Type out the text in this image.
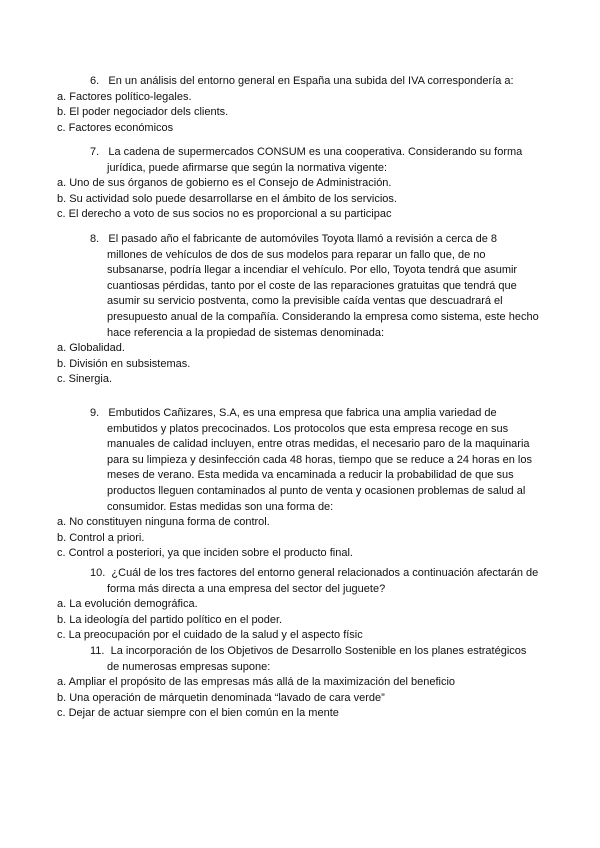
6. En un análisis del entorno general en España una subida del IVA correspondería a:

a. Factores político-legales.
b. El poder negociador dels clients.
c. Factores económicos

7. La cadena de supermercados CONSUM es una cooperativa. Considerando su forma jurídica, puede afirmarse que según la normativa vigente:

a. Uno de sus órganos de gobierno es el Consejo de Administración.
b. Su actividad solo puede desarrollarse en el ámbito de los servicios.
c. El derecho a voto de sus socios no es proporcional a su participac

8. El pasado año el fabricante de automóviles Toyota llamó a revisión a cerca de 8 millones de vehículos de dos de sus modelos para reparar un fallo que, de no subsanarse, podría llegar a incendiar el vehículo. Por ello, Toyota tendrá que asumir cuantiosas pérdidas, tanto por el coste de las reparaciones gratuitas que tendrá que asumir su servicio postventa, como la previsible caída ventas que descuadrará el presupuesto anual de la compañía. Considerando la empresa como sistema, este hecho hace referencia a la propiedad de sistemas denominada:

a. Globalidad.
b. División en subsistemas.
c. Sinergia.

9. Embutidos Cañizares, S.A, es una empresa que fabrica una amplia variedad de embutidos y platos precocinados. Los protocolos que esta empresa recoge en sus manuales de calidad incluyen, entre otras medidas, el necesario paro de la maquinaria para su limpieza y desinfección cada 48 horas, tiempo que se reduce a 24 horas en los meses de verano. Esta medida va encaminada a reducir la probabilidad de que sus productos lleguen contaminados al punto de venta y ocasionen problemas de salud al consumidor. Estas medidas son una forma de:

a. No constituyen ninguna forma de control.
b. Control a priori.
c. Control a posteriori, ya que inciden sobre el producto final.

10. ¿Cuál de los tres factores del entorno general relacionados a continuación afectarán de forma más directa a una empresa del sector del juguete?

a. La evolución demográfica.
b. La ideología del partido político en el poder.
c. La preocupación por el cuidado de la salud y el aspecto físic

11. La incorporación de los Objetivos de Desarrollo Sostenible en los planes estratégicos de numerosas empresas supone:

a. Ampliar el propósito de las empresas más allá de la maximización del beneficio
b. Una operación de márquetin denominada “lavado de cara verde”
c. Dejar de actuar siempre con el bien común en la mente
